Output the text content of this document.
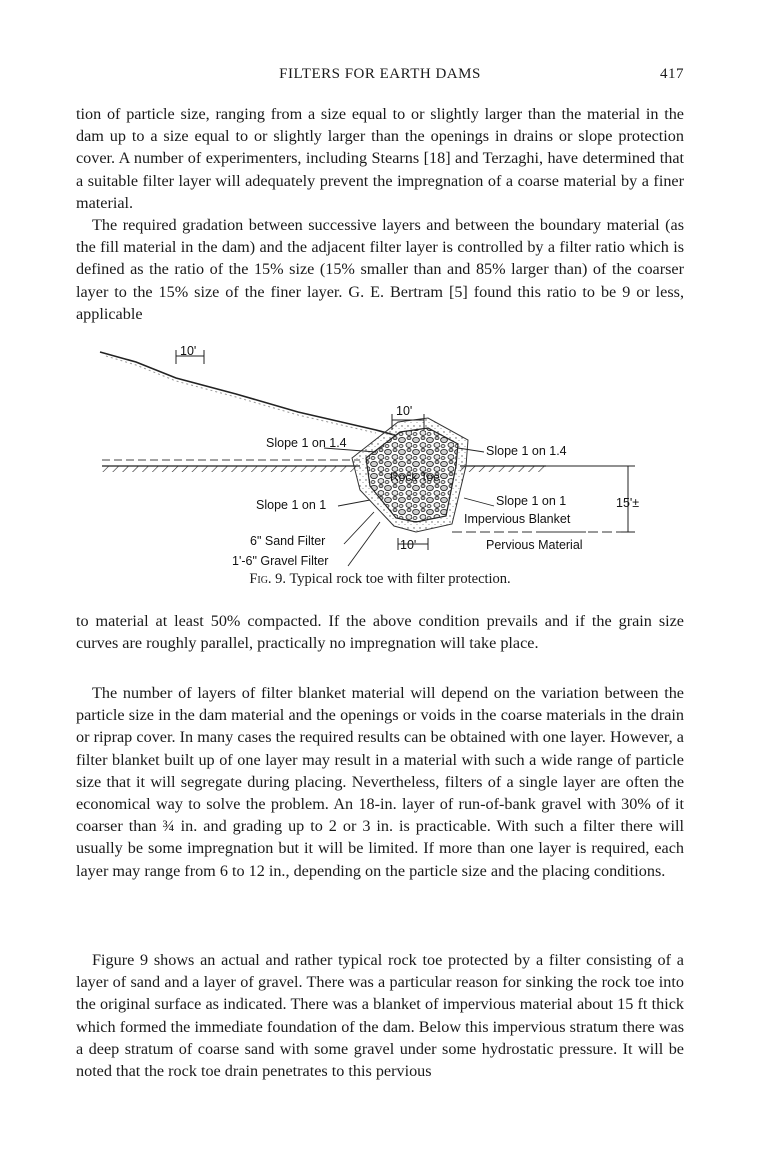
FILTERS FOR EARTH DAMS	417

tion of particle size, ranging from a size equal to or slightly larger than the material in the dam up to a size equal to or slightly larger than the openings in drains or slope protection cover. A number of experimenters, including Stearns [18] and Terzaghi, have determined that a suitable filter layer will adequately prevent the impregnation of a coarse material by a finer material.

The required gradation between successive layers and between the boundary material (as the fill material in the dam) and the adjacent filter layer is controlled by a filter ratio which is defined as the ratio of the 15% size (15% smaller than and 85% larger than) of the coarser layer to the 15% size of the finer layer. G. E. Bertram [5] found this ratio to be 9 or less, applicable

10'
10'
Slope 1 on 1.4
Slope 1 on 1.4
Rock Toe
Slope 1 on 1	Slope 1 on 1	15'±
Impervious Blanket
6" Sand Filter	10'	Pervious Material
1'-6" Gravel Filter
Fig. 9. Typical rock toe with filter protection.

to material at least 50% compacted. If the above condition prevails and if the grain size curves are roughly parallel, practically no impregnation will take place.

The number of layers of filter blanket material will depend on the variation between the particle size in the dam material and the openings or voids in the coarse materials in the drain or riprap cover. In many cases the required results can be obtained with one layer. However, a filter blanket built up of one layer may result in a material with such a wide range of particle size that it will segregate during placing. Nevertheless, filters of a single layer are often the economical way to solve the problem. An 18-in. layer of run-of-bank gravel with 30% of it coarser than ¾ in. and grading up to 2 or 3 in. is practicable. With such a filter there will usually be some impregnation but it will be limited. If more than one layer is required, each layer may range from 6 to 12 in., depending on the particle size and the placing conditions.

Figure 9 shows an actual and rather typical rock toe protected by a filter consisting of a layer of sand and a layer of gravel. There was a particular reason for sinking the rock toe into the original surface as indicated. There was a blanket of impervious material about 15 ft thick which formed the immediate foundation of the dam. Below this impervious stratum there was a deep stratum of coarse sand with some gravel under some hydrostatic pressure. It will be noted that the rock toe drain penetrates to this pervious
